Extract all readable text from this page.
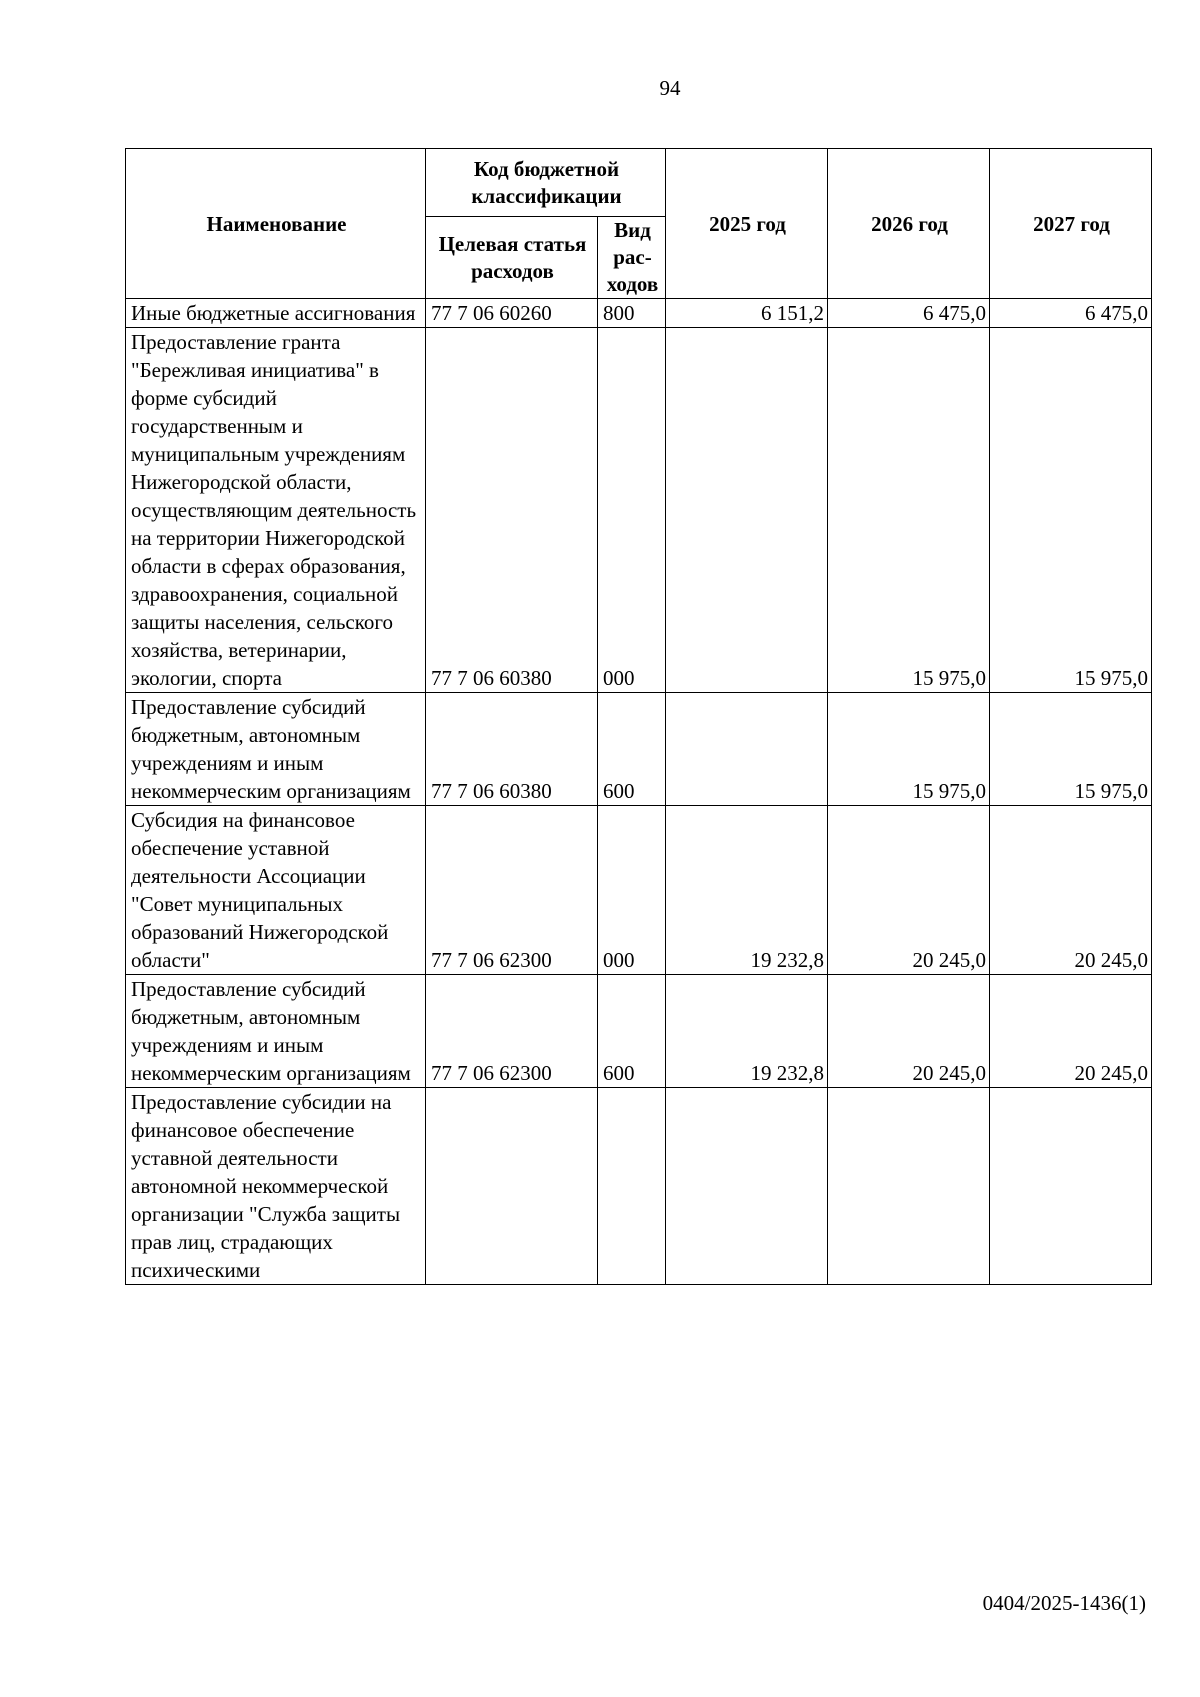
94
Наименование	Код бюджетной классификации		2025 год	2026 год	2027 год
	Целевая статья расходов	Вид рас-ходов			
Иные бюджетные ассигнования	77 7 06 60260	800	6 151,2	6 475,0	6 475,0
Предоставление гранта "Бережливая инициатива" в форме субсидий государственным и муниципальным учреждениям Нижегородской области, осуществляющим деятельность на территории Нижегородской области в сферах образования, здравоохранения, социальной защиты населения, сельского хозяйства, ветеринарии, экологии, спорта	77 7 06 60380	000		15 975,0	15 975,0
Предоставление субсидий бюджетным, автономным учреждениям и иным некоммерческим организациям	77 7 06 60380	600		15 975,0	15 975,0
Субсидия на финансовое обеспечение уставной деятельности Ассоциации "Совет муниципальных образований Нижегородской области"	77 7 06 62300	000	19 232,8	20 245,0	20 245,0
Предоставление субсидий бюджетным, автономным учреждениям и иным некоммерческим организациям	77 7 06 62300	600	19 232,8	20 245,0	20 245,0
Предоставление субсидии на финансовое обеспечение уставной деятельности автономной некоммерческой организации "Служба защиты прав лиц, страдающих психическими					
0404/2025-1436(1)
